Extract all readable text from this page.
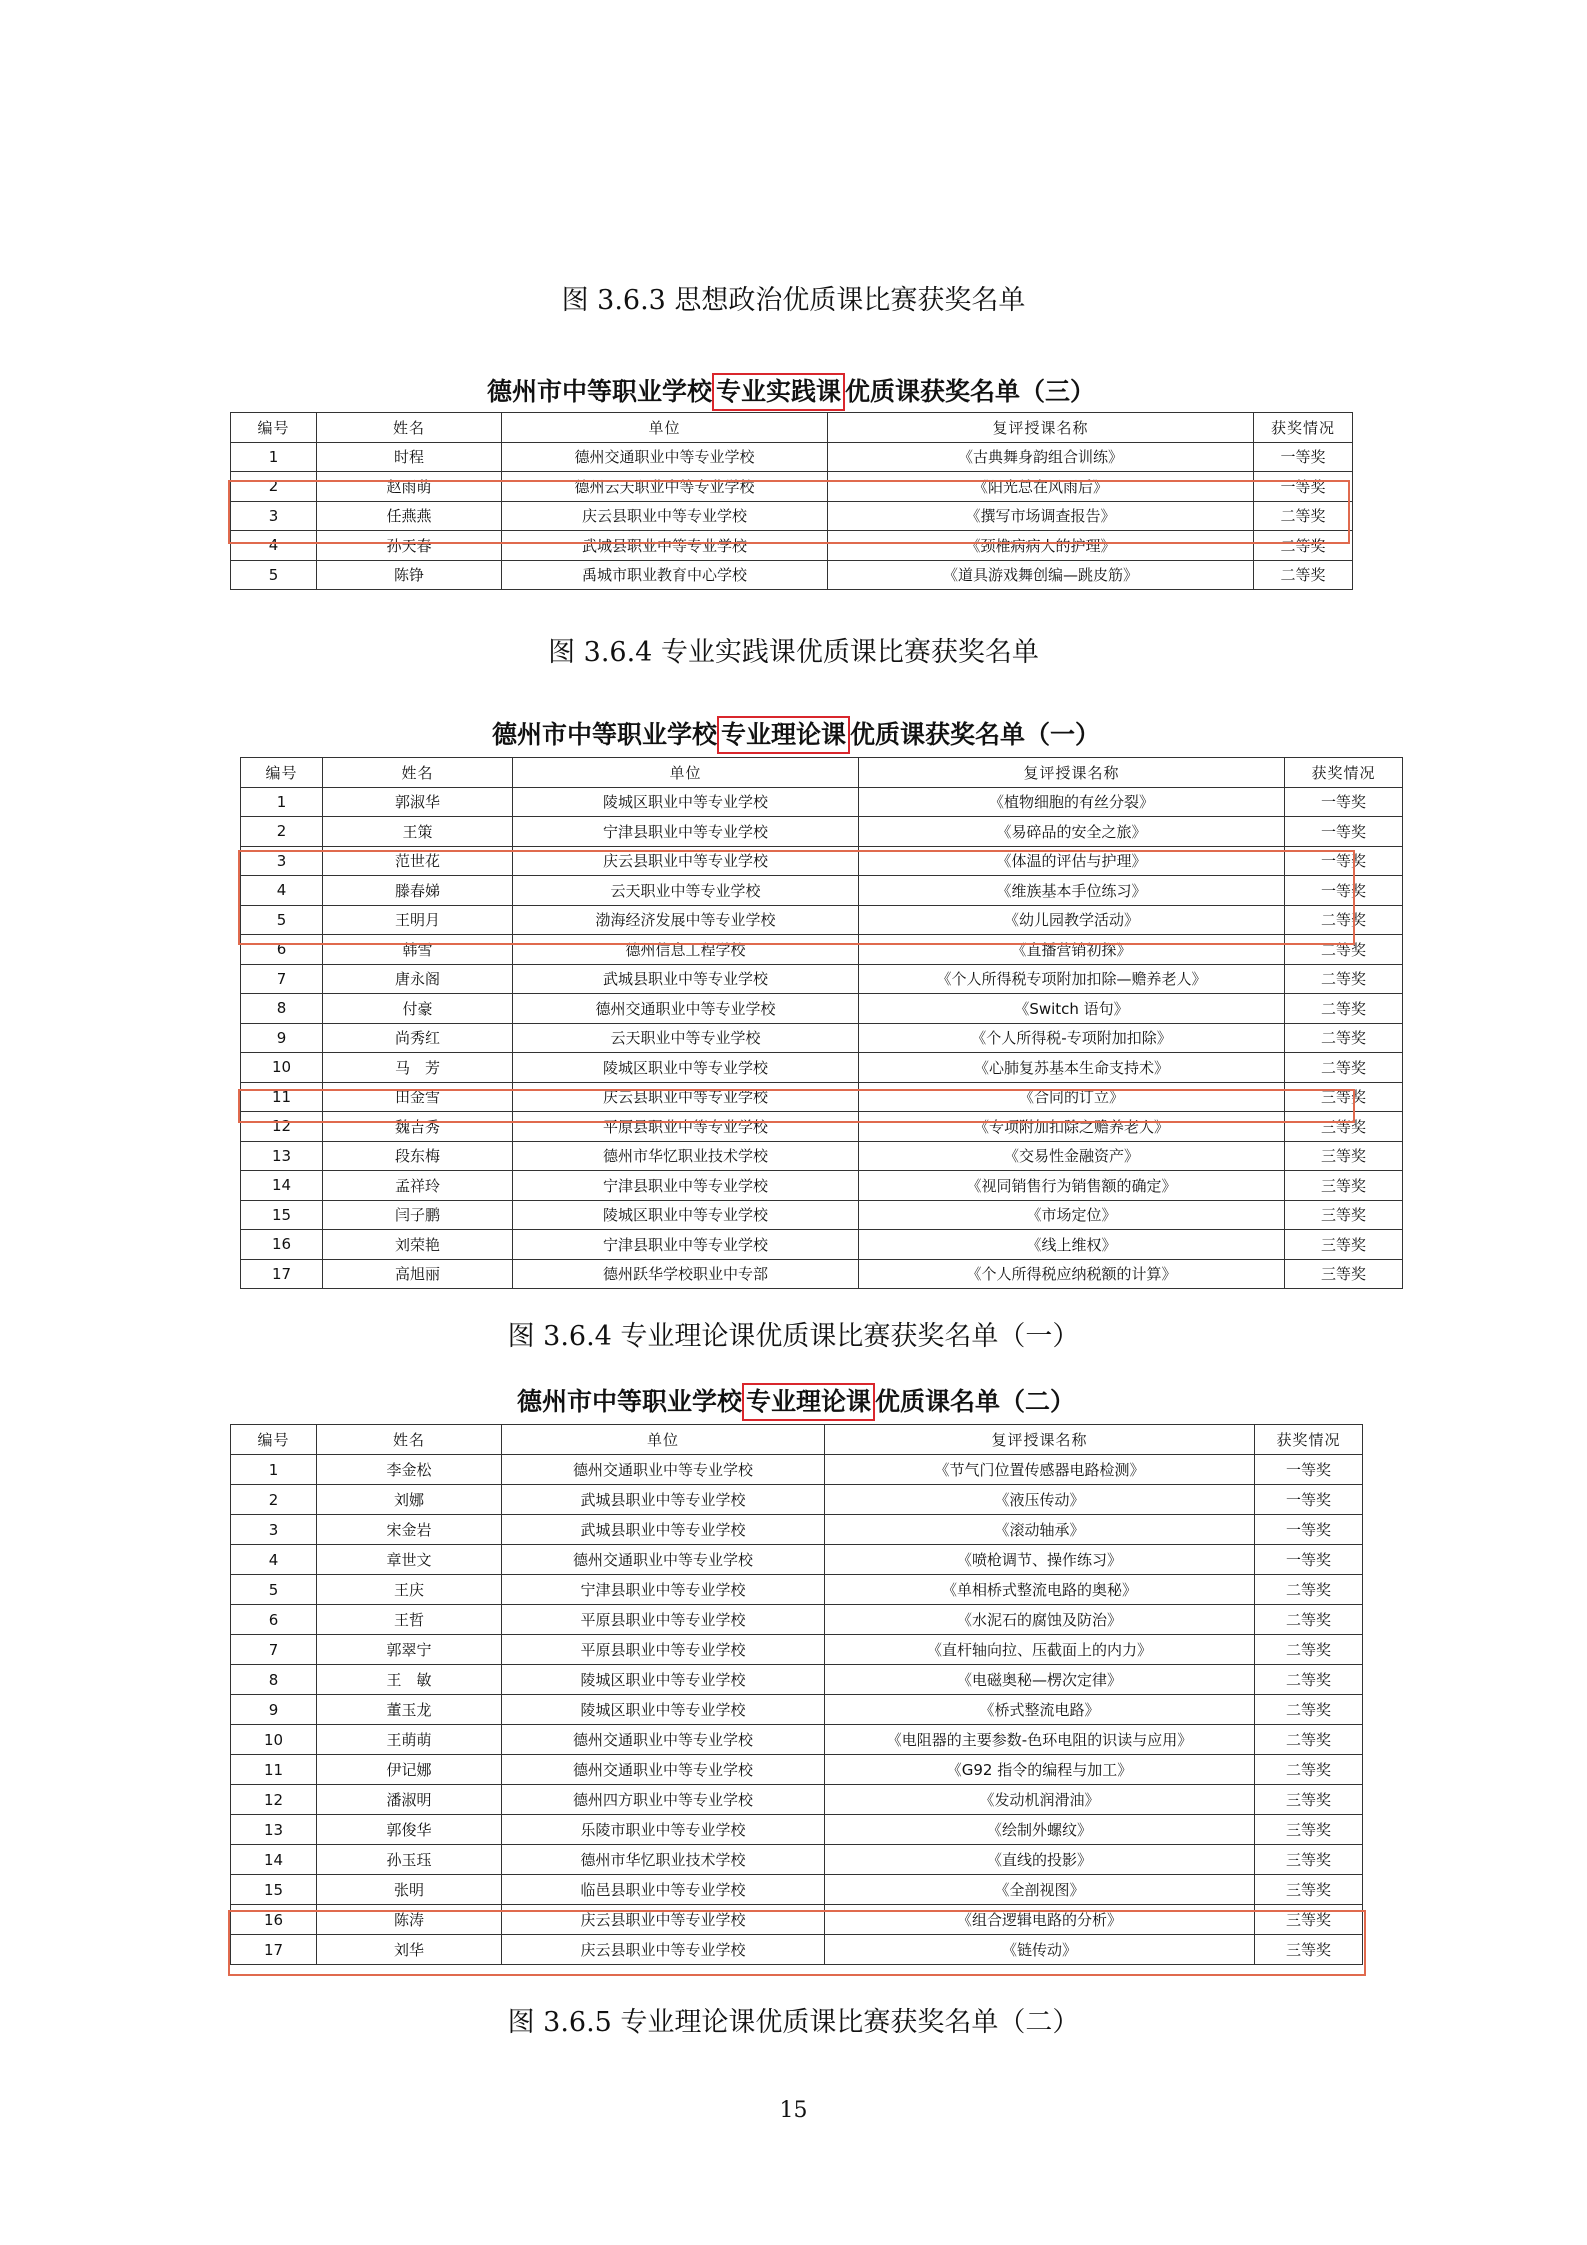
图 3.6.3 思想政治优质课比赛获奖名单
德州市中等职业学校 专业实践课 优质课获奖名单（三）
编号	姓名	单位	复评授课名称	获奖情况
1	时程	德州交通职业中等专业学校	《古典舞身韵组合训练》	一等奖
2	赵雨萌	德州云天职业中等专业学校	《阳光总在风雨后》	一等奖
3	任燕燕	庆云县职业中等专业学校	《撰写市场调查报告》	二等奖
4	孙天春	武城县职业中等专业学校	《颈椎病病人的护理》	二等奖
5	陈铮	禹城市职业教育中心学校	《道具游戏舞创编—跳皮筋》	二等奖
图 3.6.4 专业实践课优质课比赛获奖名单
德州市中等职业学校 专业理论课 优质课获奖名单（一）
编号	姓名	单位	复评授课名称	获奖情况
1	郭淑华	陵城区职业中等专业学校	《植物细胞的有丝分裂》	一等奖
2	王策	宁津县职业中等专业学校	《易碎品的安全之旅》	一等奖
3	范世花	庆云县职业中等专业学校	《体温的评估与护理》	一等奖
4	滕春娣	云天职业中等专业学校	《维族基本手位练习》	一等奖
5	王明月	渤海经济发展中等专业学校	《幼儿园教学活动》	二等奖
6	韩雪	德州信息工程学校	《直播营销初探》	二等奖
7	唐永阁	武城县职业中等专业学校	《个人所得税专项附加扣除—赡养老人》	二等奖
8	付豪	德州交通职业中等专业学校	《Switch 语句》	二等奖
9	尚秀红	云天职业中等专业学校	《个人所得税-专项附加扣除》	二等奖
10	马　芳	陵城区职业中等专业学校	《心肺复苏基本生命支持术》	二等奖
11	田金雪	庆云县职业中等专业学校	《合同的订立》	三等奖
12	魏吉秀	平原县职业中等专业学校	《专项附加扣除之赡养老人》	三等奖
13	段东梅	德州市华忆职业技术学校	《交易性金融资产》	三等奖
14	孟祥玲	宁津县职业中等专业学校	《视同销售行为销售额的确定》	三等奖
15	闫子鹏	陵城区职业中等专业学校	《市场定位》	三等奖
16	刘荣艳	宁津县职业中等专业学校	《线上维权》	三等奖
17	高旭丽	德州跃华学校职业中专部	《个人所得税应纳税额的计算》	三等奖
图 3.6.4 专业理论课优质课比赛获奖名单（一）
德州市中等职业学校 专业理论课 优质课名单（二）
编号	姓名	单位	复评授课名称	获奖情况
1	李金松	德州交通职业中等专业学校	《节气门位置传感器电路检测》	一等奖
2	刘娜	武城县职业中等专业学校	《液压传动》	一等奖
3	宋金岩	武城县职业中等专业学校	《滚动轴承》	一等奖
4	章世文	德州交通职业中等专业学校	《喷枪调节、操作练习》	一等奖
5	王庆	宁津县职业中等专业学校	《单相桥式整流电路的奥秘》	二等奖
6	王哲	平原县职业中等专业学校	《水泥石的腐蚀及防治》	二等奖
7	郭翠宁	平原县职业中等专业学校	《直杆轴向拉、压截面上的内力》	二等奖
8	王　敏	陵城区职业中等专业学校	《电磁奥秘—楞次定律》	二等奖
9	董玉龙	陵城区职业中等专业学校	《桥式整流电路》	二等奖
10	王萌萌	德州交通职业中等专业学校	《电阻器的主要参数-色环电阻的识读与应用》	二等奖
11	伊记娜	德州交通职业中等专业学校	《G92 指令的编程与加工》	二等奖
12	潘淑明	德州四方职业中等专业学校	《发动机润滑油》	三等奖
13	郭俊华	乐陵市职业中等专业学校	《绘制外螺纹》	三等奖
14	孙玉珏	德州市华忆职业技术学校	《直线的投影》	三等奖
15	张明	临邑县职业中等专业学校	《全剖视图》	三等奖
16	陈涛	庆云县职业中等专业学校	《组合逻辑电路的分析》	三等奖
17	刘华	庆云县职业中等专业学校	《链传动》	三等奖
图 3.6.5 专业理论课优质课比赛获奖名单（二）
15
